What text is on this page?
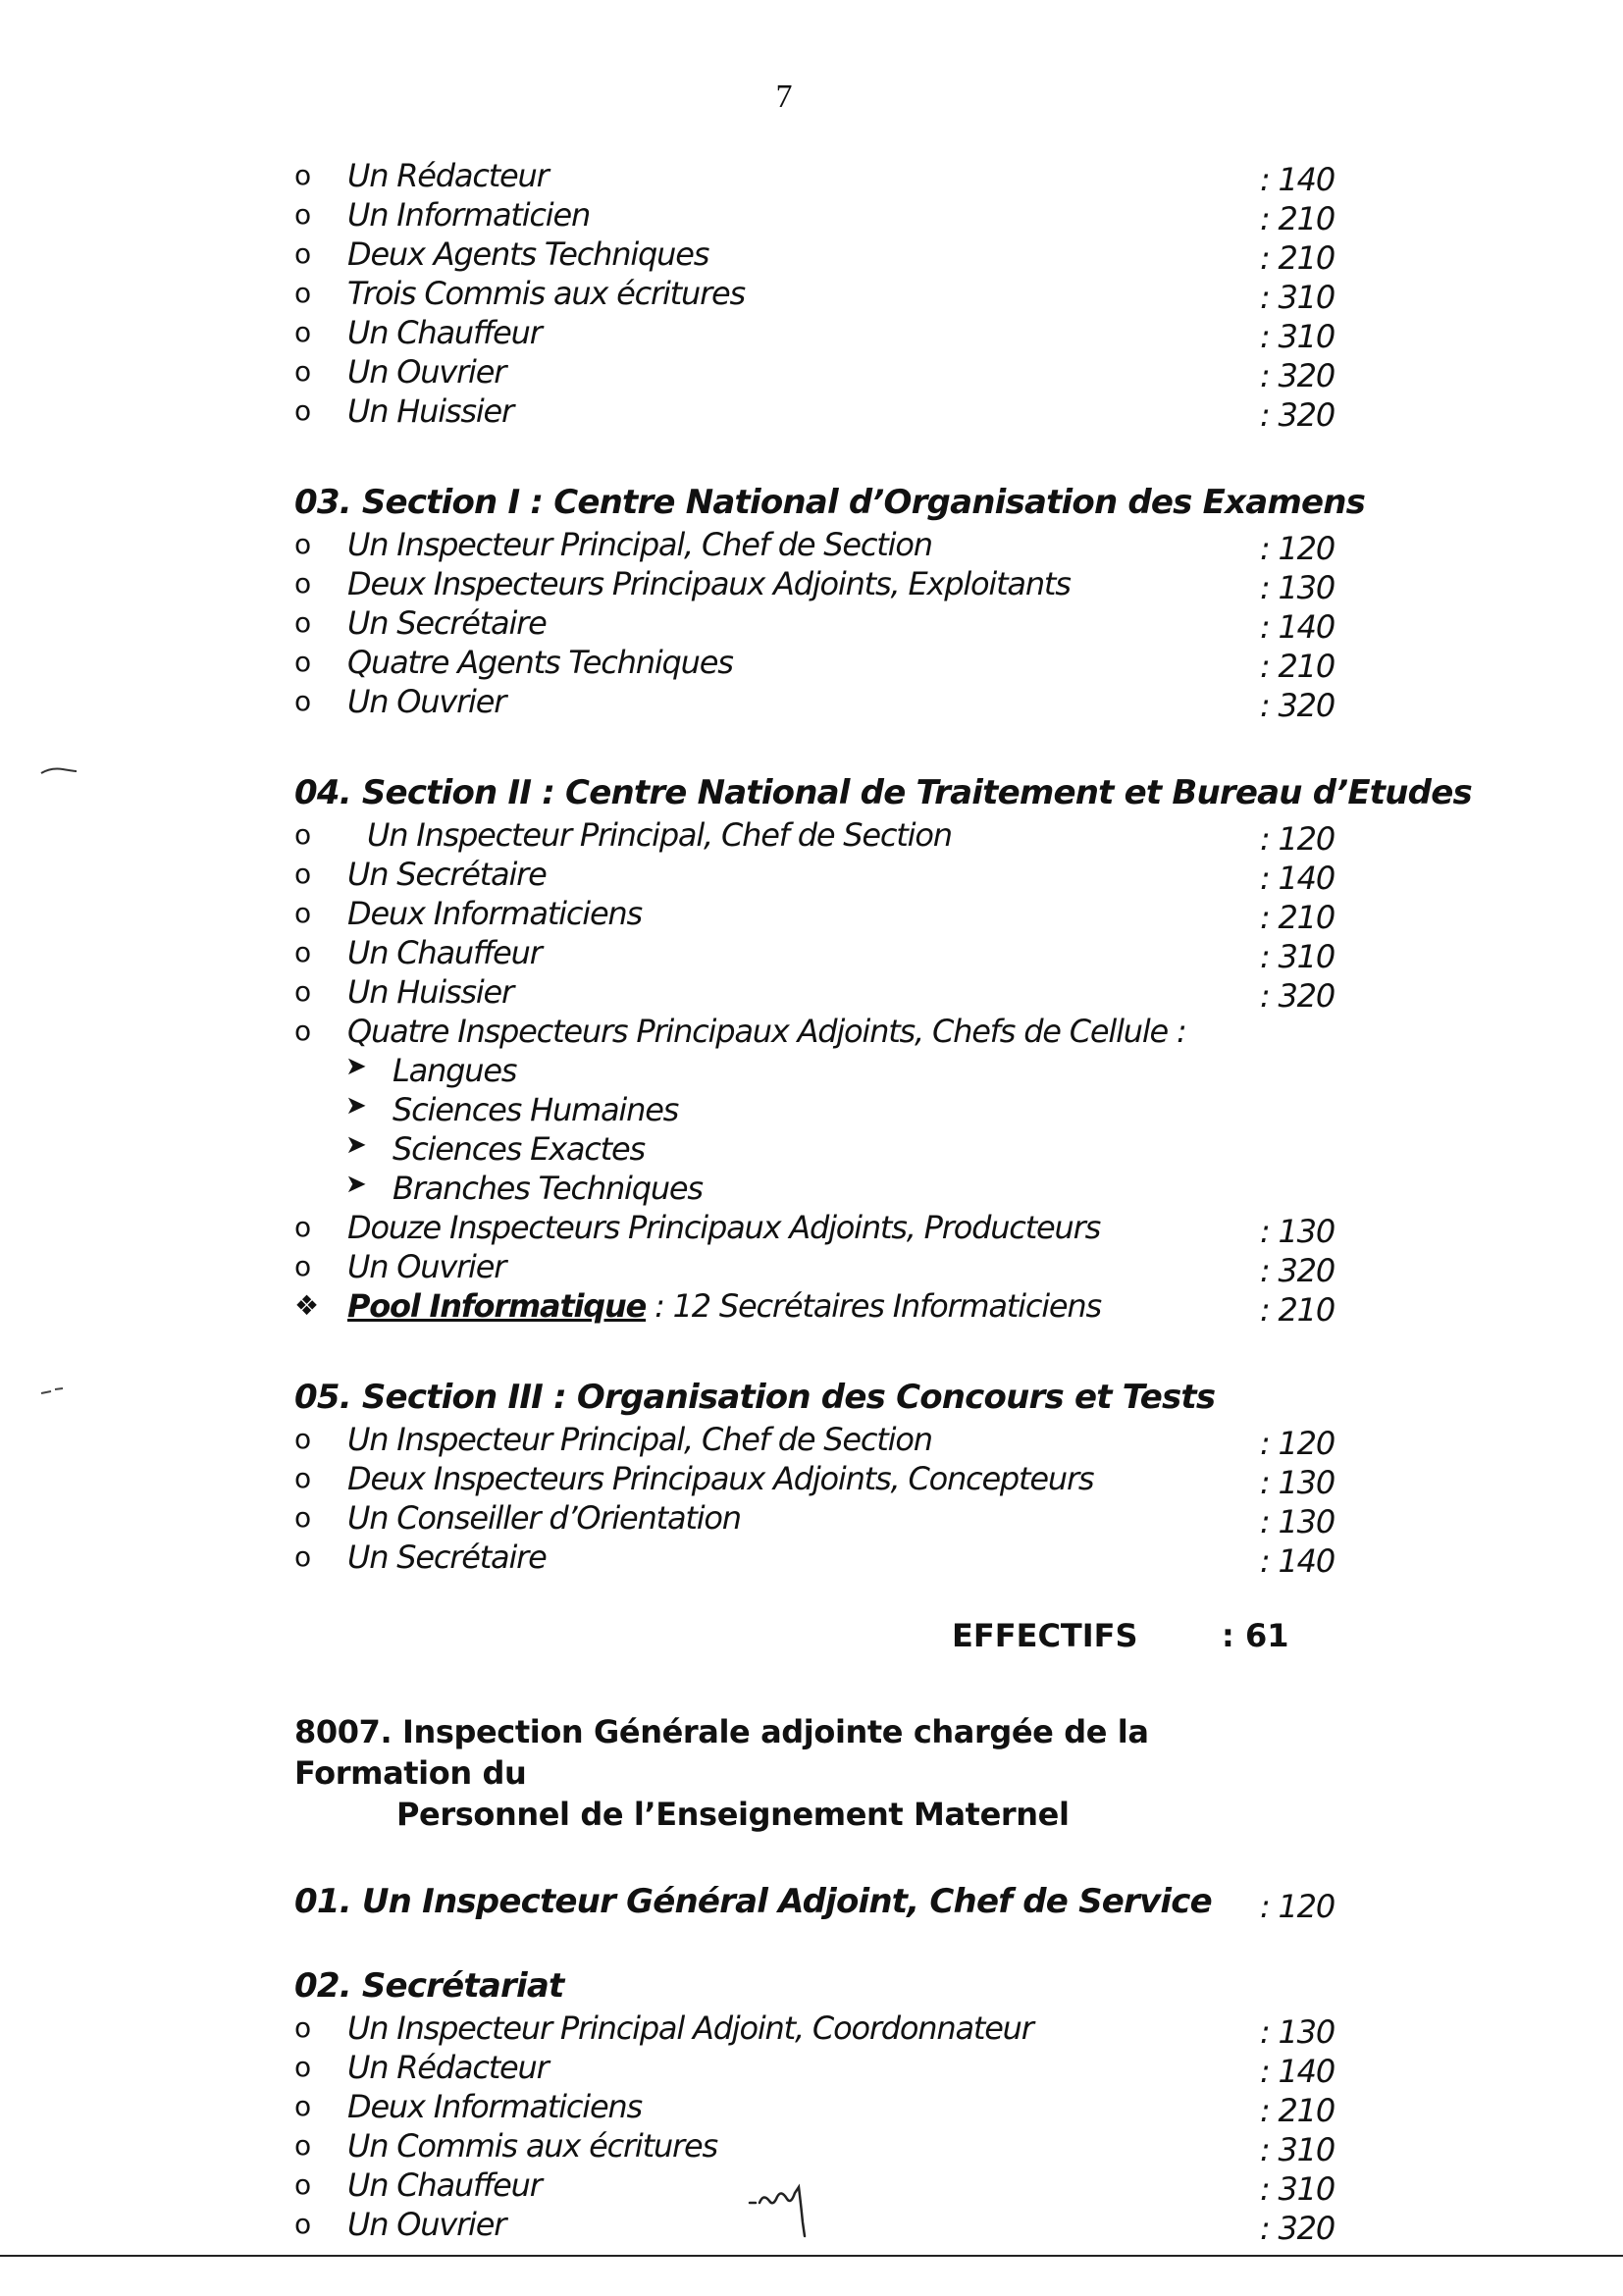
7
o Un Rédacteur	: 140
o Un Informaticien	: 210
o Deux Agents Techniques	: 210
o Trois Commis aux écritures	: 310
o Un Chauffeur	: 310
o Un Ouvrier	: 320
o Un Huissier	: 320
03. Section I : Centre National d’Organisation des Examens
o Un Inspecteur Principal, Chef de Section	: 120
o Deux Inspecteurs Principaux Adjoints, Exploitants	: 130
o Un Secrétaire	: 140
o Quatre Agents Techniques	: 210
o Un Ouvrier	: 320
04. Section II : Centre National de Traitement et Bureau d’Etudes
o Un Inspecteur Principal, Chef de Section	: 120
o Un Secrétaire	: 140
o Deux Informaticiens	: 210
o Un Chauffeur	: 310
o Un Huissier	: 320
o Quatre Inspecteurs Principaux Adjoints, Chefs de Cellule :
➤ Langues
➤ Sciences Humaines
➤ Sciences Exactes
➤ Branches Techniques
o Douze Inspecteurs Principaux Adjoints, Producteurs	: 130
o Un Ouvrier	: 320
❖ Pool Informatique : 12 Secrétaires Informaticiens	: 210
05. Section III : Organisation des Concours et Tests
o Un Inspecteur Principal, Chef de Section	: 120
o Deux Inspecteurs Principaux Adjoints, Concepteurs	: 130
o Un Conseiller d’Orientation	: 130
o Un Secrétaire	: 140
EFFECTIFS	: 61
8007. Inspection Générale adjointe chargée de la Formation du
Personnel de l’Enseignement Maternel
01. Un Inspecteur Général Adjoint, Chef de Service : 120
02. Secrétariat
o Un Inspecteur Principal Adjoint, Coordonnateur	: 130
o Un Rédacteur	: 140
o Deux Informaticiens	: 210
o Un Commis aux écritures	: 310
o Un Chauffeur	: 310
o Un Ouvrier	: 320
